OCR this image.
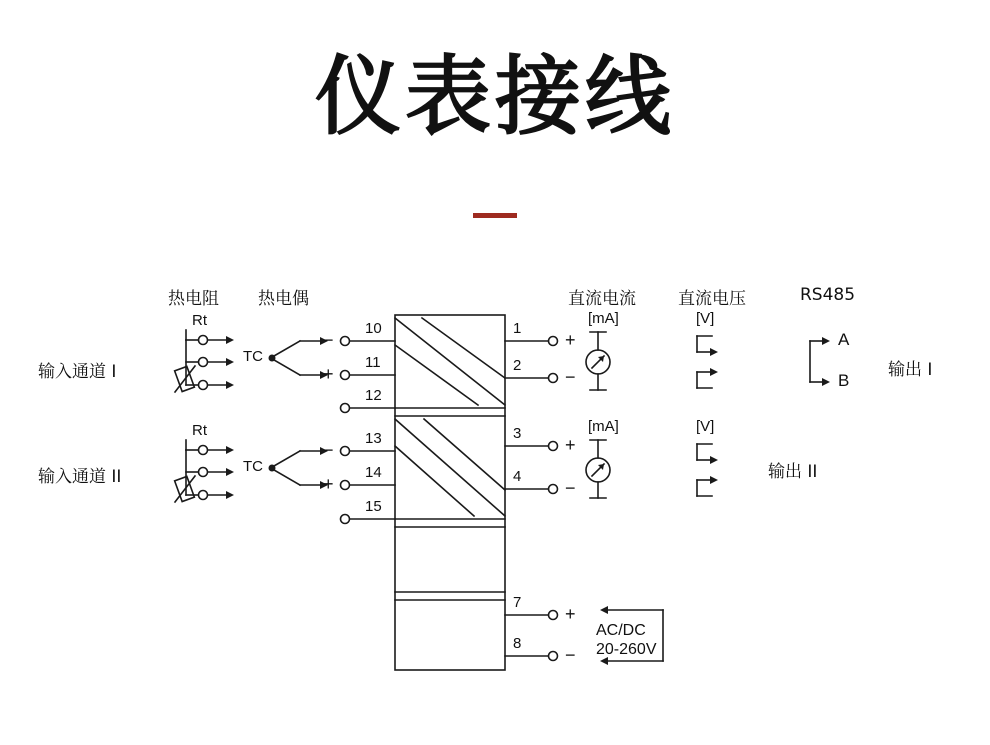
仪表接线
输入通道 I
输入通道 II
热电阻 热电偶
Rt
Rt
TC
TC
−
+
−
+
10
11
12
13
14
15
1
2
3
4
7
8
+
−
+
−
+
−
直流电流 直流电压	RS485
[mA]
[mA]
[V]
[V]
A
B
输出 I
输出 II
AC/DC
20-260V
